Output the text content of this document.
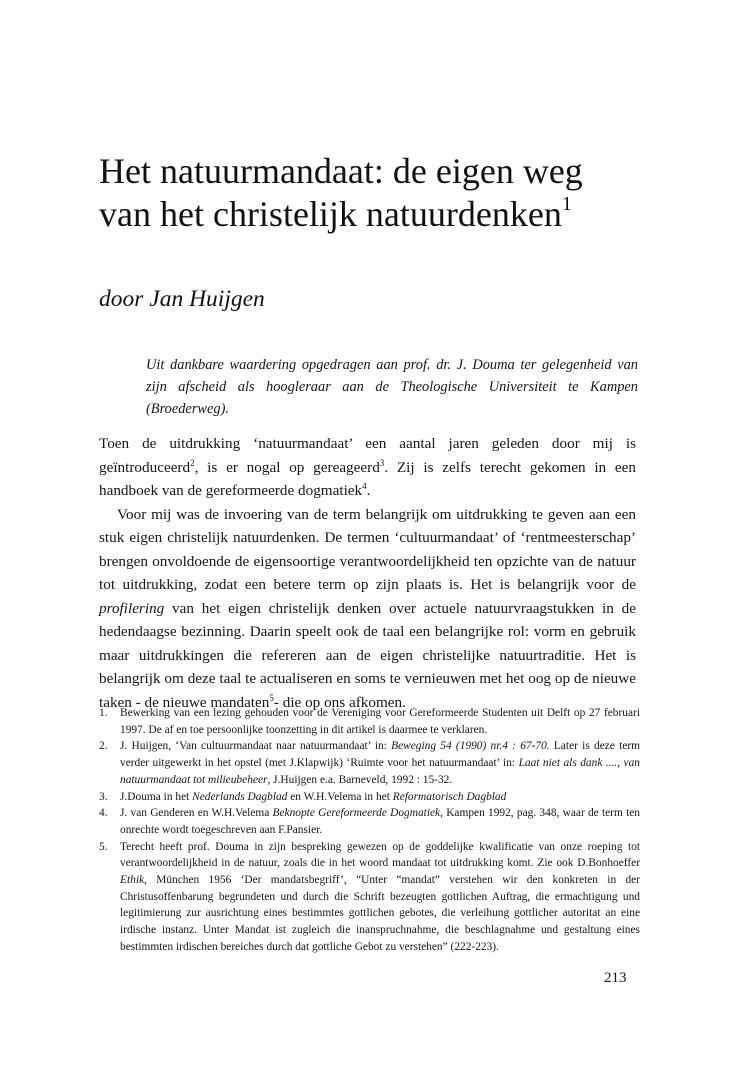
Het natuurmandaat: de eigen weg
van het christelijk natuurdenken$^1$

door Jan Huijgen

Uit dankbare waardering opgedragen aan prof. dr. J. Douma ter gelegenheid van zijn afscheid als hoogleraar aan de Theologische Universiteit te Kampen (Broederweg).

Toen de uitdrukking ‘natuurmandaat’ een aantal jaren geleden door mij is geïntroduceerd$^2$, is er nogal op gereageerd$^3$. Zij is zelfs terecht gekomen in een handboek van de gereformeerde dogmatiek$^4$.

Voor mij was de invoering van de term belangrijk om uitdrukking te geven aan een stuk eigen christelijk natuurdenken. De termen ‘cultuurmandaat’ of ‘rentmeesterschap’ brengen onvoldoende de eigensoortige verantwoordelijkheid ten opzichte van de natuur tot uitdrukking, zodat een betere term op zijn plaats is. Het is belangrijk voor de profilering van het eigen christelijk denken over actuele natuurvraagstukken in de hedendaagse bezinning. Daarin speelt ook de taal een belangrijke rol: vorm en gebruik maar uitdrukkingen die refereren aan de eigen christelijke natuurtraditie. Het is belangrijk om deze taal te actualiseren en soms te vernieuwen met het oog op de nieuwe taken - de nieuwe mandaten$^5$- die op ons afkomen.

1. Bewerking van een lezing gehouden voor de Vereniging voor Gereformeerde Studenten uit Delft op 27 februari 1997. De af en toe persoonlijke toonzetting in dit artikel is daarmee te verklaren.
2. J. Huijgen, ‘Van cultuurmandaat naar natuurmandaat’ in: Beweging 54 (1990) nr.4 : 67-70. Later is deze term verder uitgewerkt in het opstel (met J.Klapwijk) ‘Ruimte voor het natuurmandaat’ in: Laat niet als dank ...., van natuurmandaat tot milieubeheer, J.Huijgen e.a. Barneveld, 1992 : 15-32.
3. J.Douma in het Nederlands Dagblad en W.H.Velema in het Reformatorisch Dagblad
4. J. van Genderen en W.H.Velema Beknopte Gereformeerde Dogmatiek, Kampen 1992, pag. 348, waar de term ten onrechte wordt toegeschreven aan F.Pansier.
5. Terecht heeft prof. Douma in zijn bespreking gewezen op de goddelijke kwalificatie van onze roeping tot verantwoordelijkheid in de natuur, zoals die in het woord mandaat tot uitdrukking komt. Zie ook D.Bonhoeffer Ethik, München 1956 ‘Der mandatsbegriff’, “Unter “mandat” verstehen wir den konkreten in der Christusoffenbarung begrundeten und durch die Schrift bezeugten gottlichen Auftrag, die ermachtigung und legitimierung zur ausrichtung eines bestimmtes gottlichen gebotes, die verleihung gottlicher autoritat an eine irdische instanz. Unter Mandat ist zugleich die inanspruchnahme, die beschlagnahme und gestaltung eines bestimmten irdischen bereiches durch dat gottliche Gebot zu verstehen” (222-223).

213
